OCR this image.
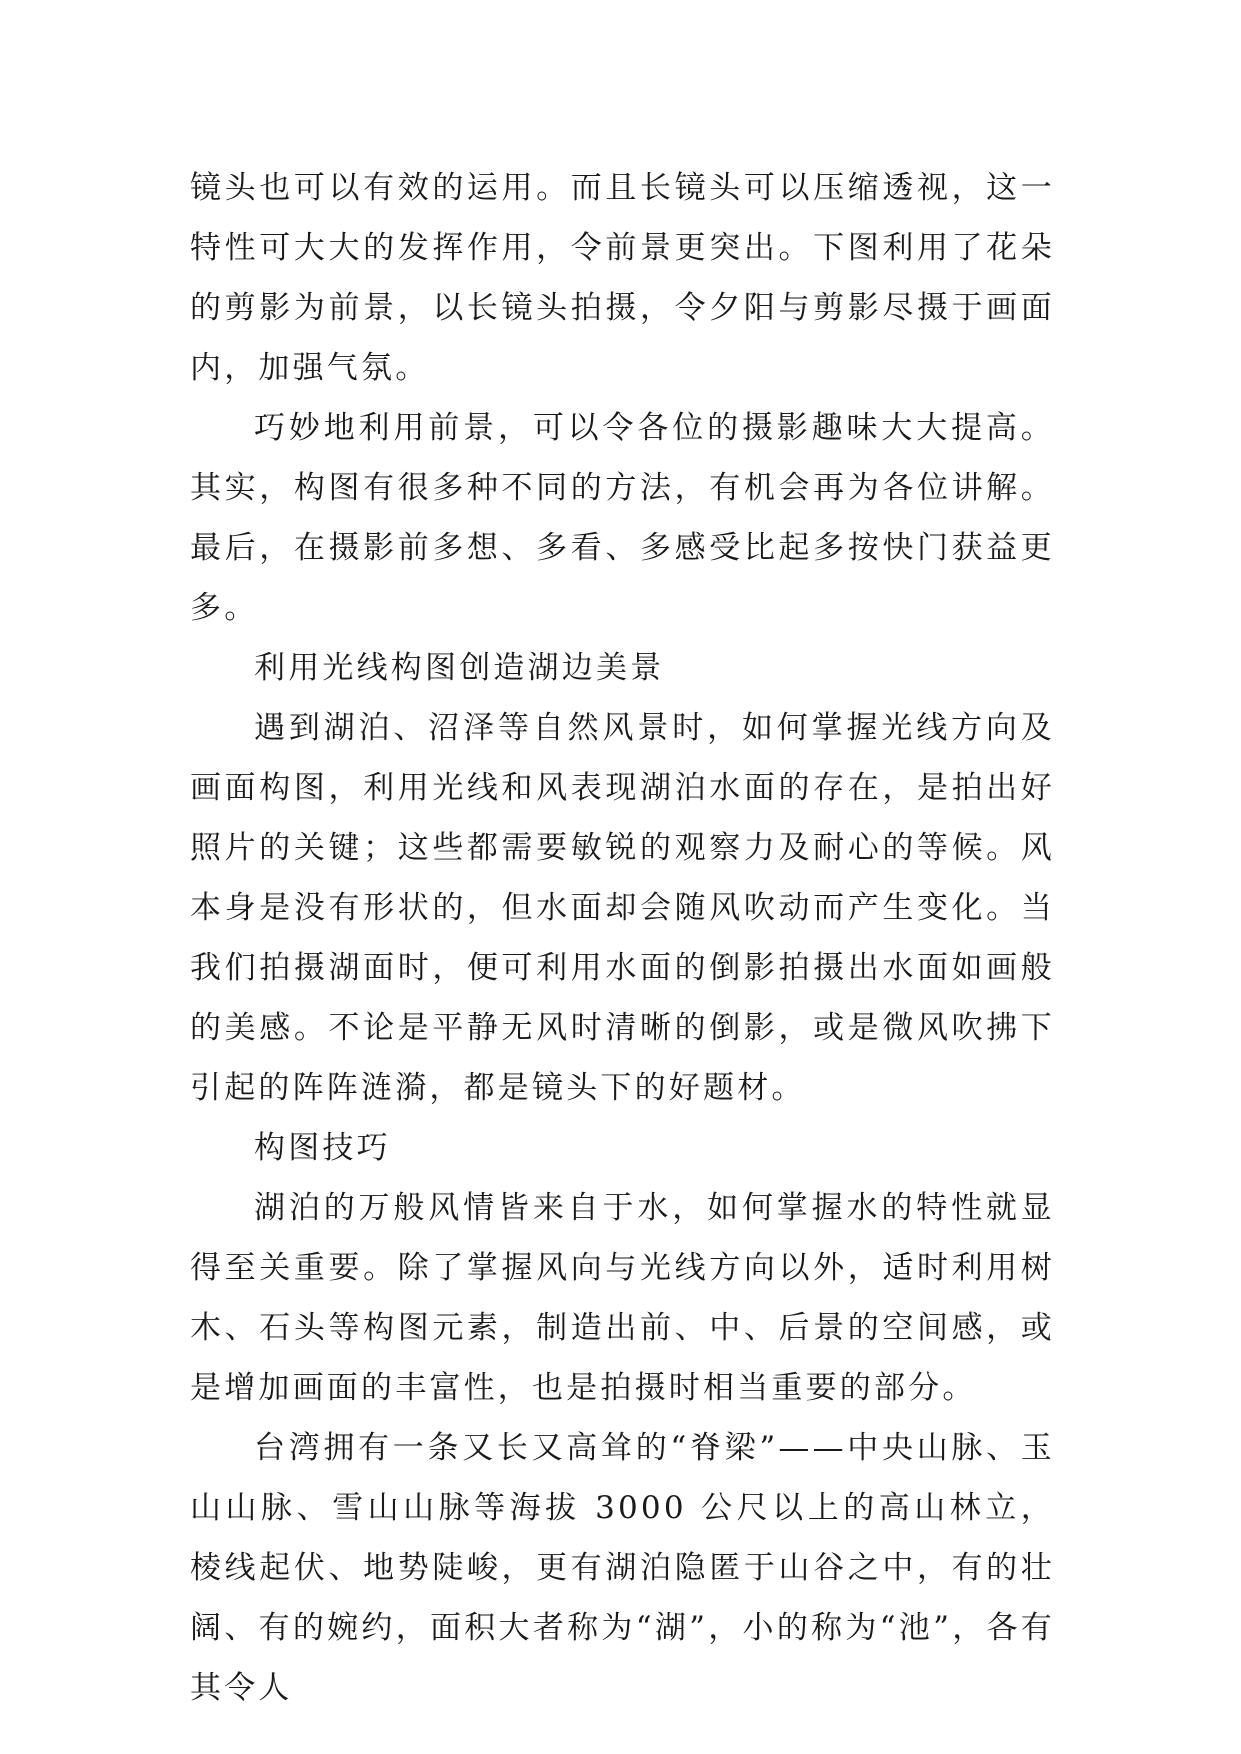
镜头也可以有效的运用。而且长镜头可以压缩透视，这一特性可大大的发挥作用，令前景更突出。下图利用了花朵的剪影为前景，以长镜头拍摄，令夕阳与剪影尽摄于画面内，加强气氛。

巧妙地利用前景，可以令各位的摄影趣味大大提高。其实，构图有很多种不同的方法，有机会再为各位讲解。最后，在摄影前多想、多看、多感受比起多按快门获益更多。

利用光线构图创造湖边美景

遇到湖泊、沼泽等自然风景时，如何掌握光线方向及画面构图，利用光线和风表现湖泊水面的存在，是拍出好照片的关键；这些都需要敏锐的观察力及耐心的等候。风本身是没有形状的，但水面却会随风吹动而产生变化。当我们拍摄湖面时，便可利用水面的倒影拍摄出水面如画般的美感。不论是平静无风时清晰的倒影，或是微风吹拂下引起的阵阵涟漪，都是镜头下的好题材。

构图技巧

湖泊的万般风情皆来自于水，如何掌握水的特性就显得至关重要。除了掌握风向与光线方向以外，适时利用树木、石头等构图元素，制造出前、中、后景的空间感，或是增加画面的丰富性，也是拍摄时相当重要的部分。

台湾拥有一条又长又高耸的“脊梁”——中央山脉、玉山山脉、雪山山脉等海拔 3000 公尺以上的高山林立，棱线起伏、地势陡峻，更有湖泊隐匿于山谷之中，有的壮阔、有的婉约，面积大者称为“湖”，小的称为“池”，各有其令人
